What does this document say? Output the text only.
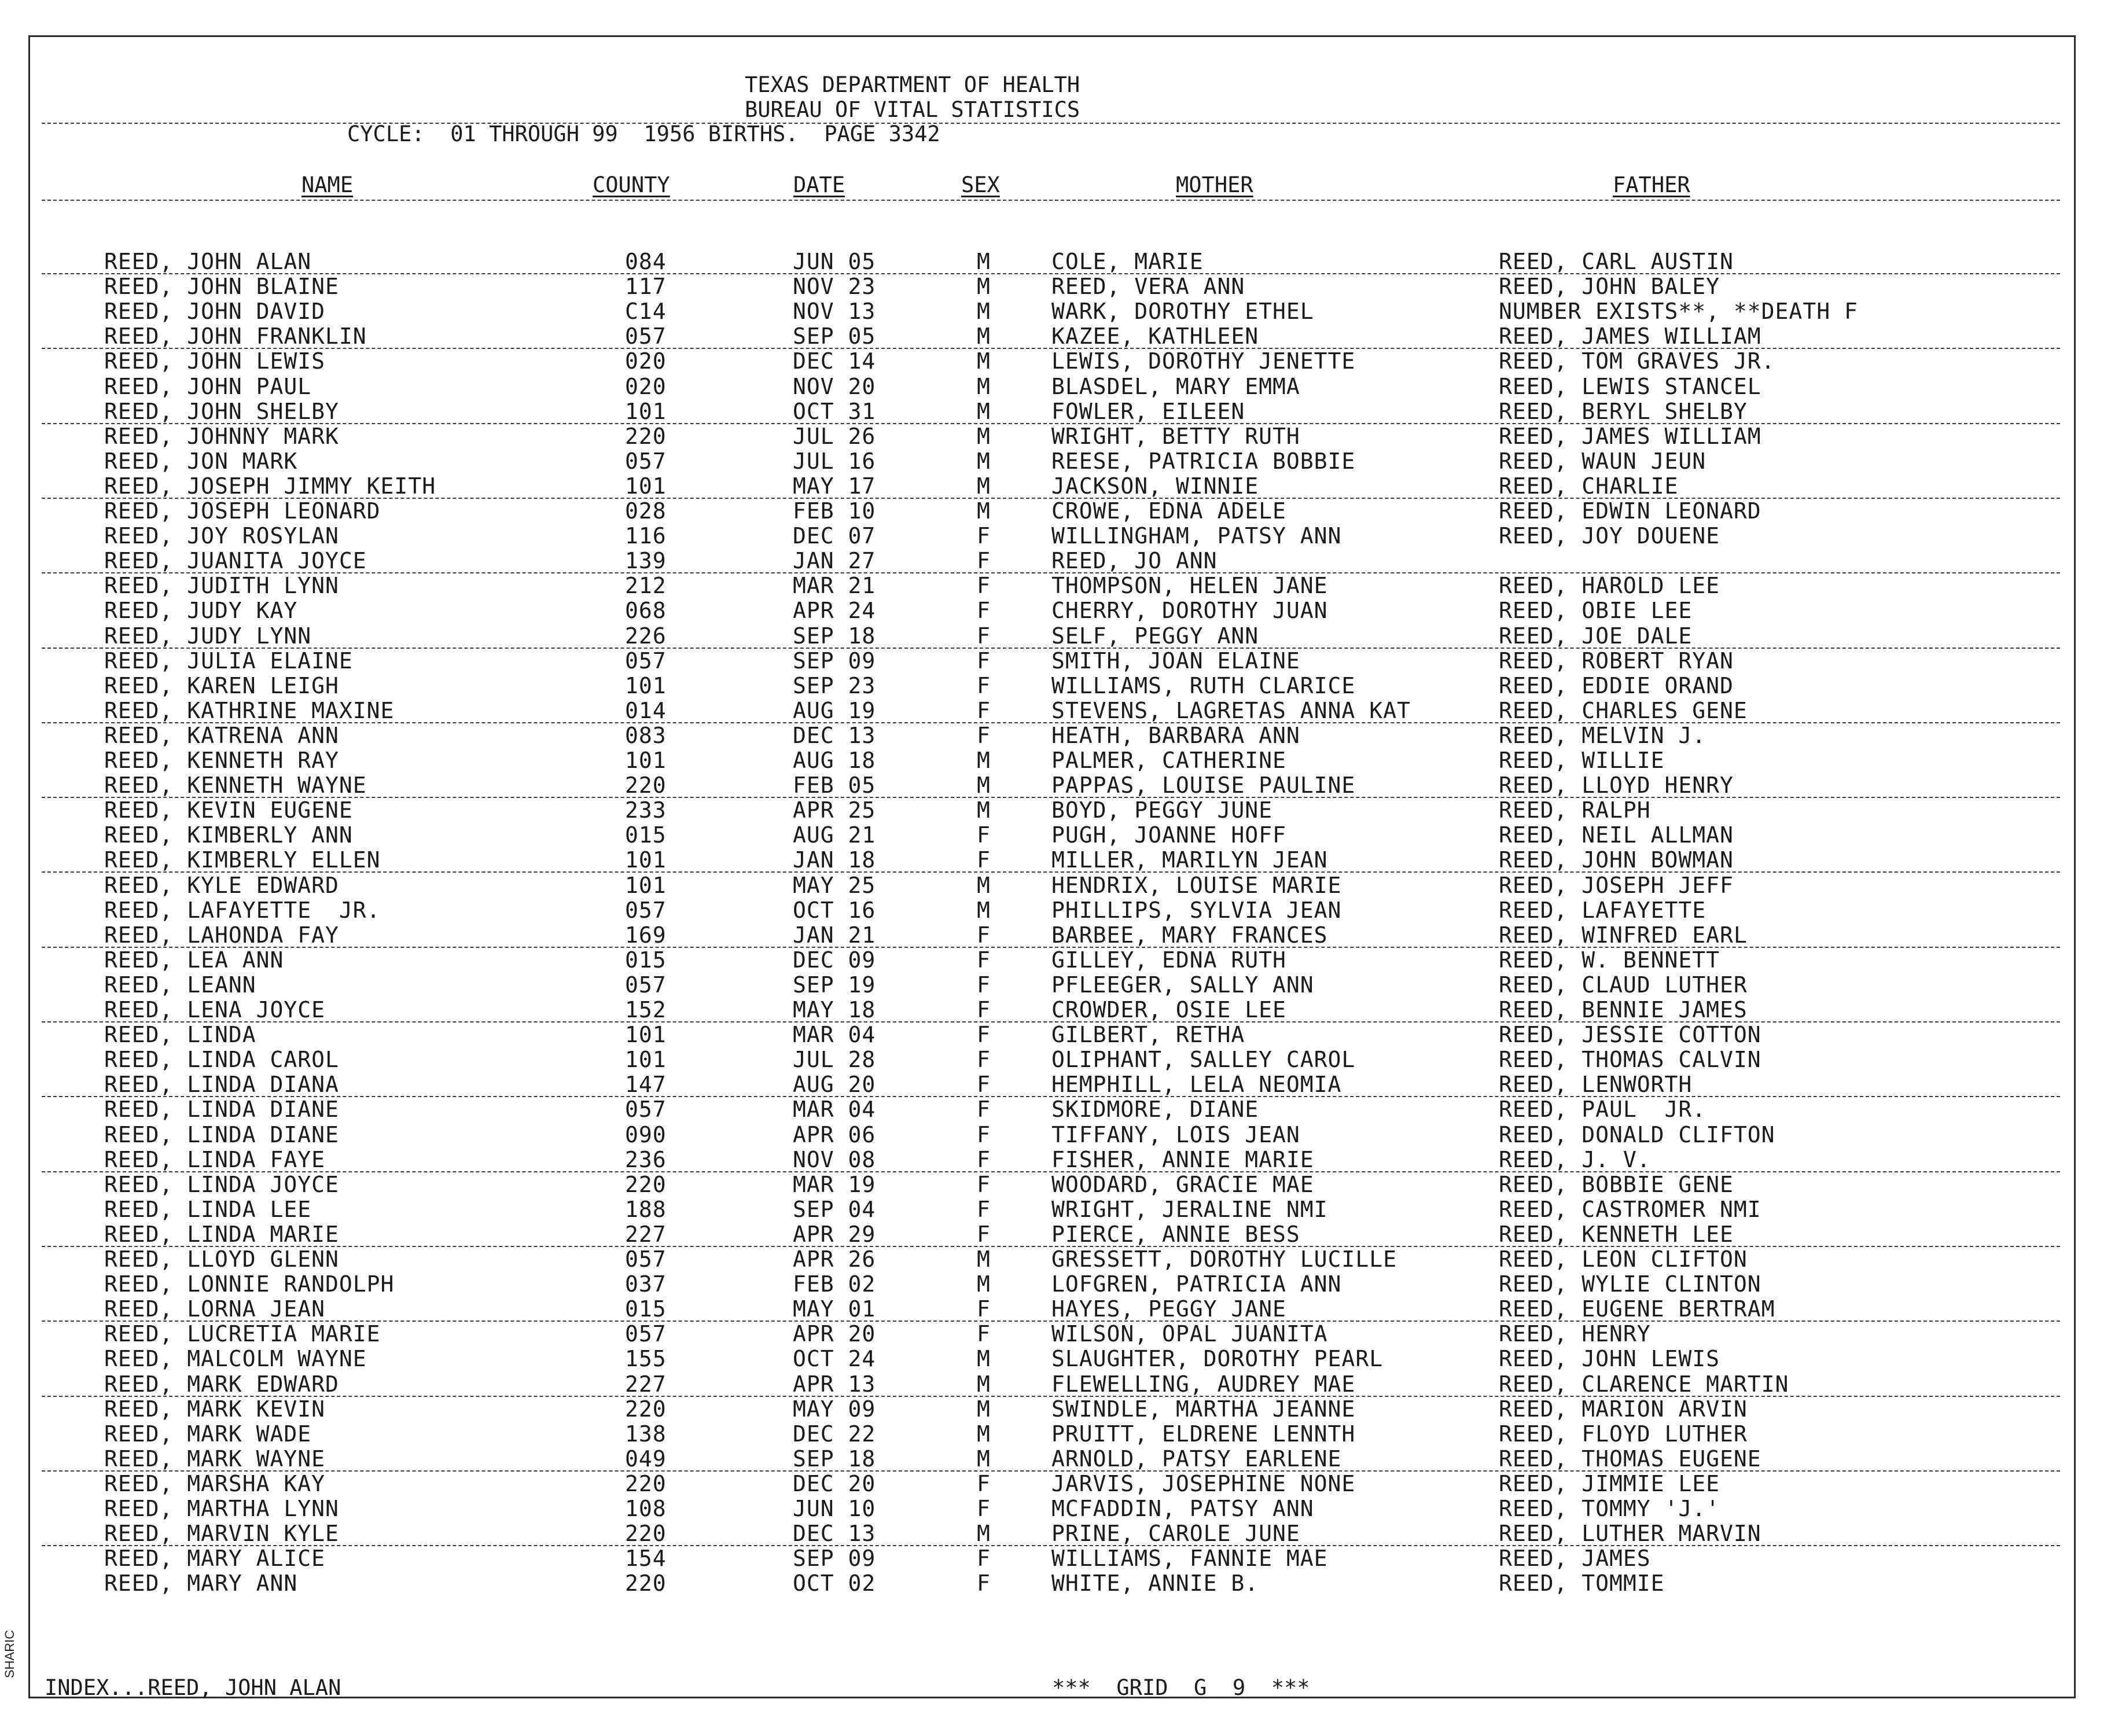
TEXAS DEPARTMENT OF HEALTH
BUREAU OF VITAL STATISTICS
CYCLE:  01 THROUGH 99  1956 BIRTHS.  PAGE 3342
NAME	COUNTY	DATE	SEX	MOTHER	FATHER
REED, JOHN ALAN	084	JUN 05	M	COLE, MARIE	REED, CARL AUSTIN
REED, JOHN BLAINE	117	NOV 23	M	REED, VERA ANN	REED, JOHN BALEY
REED, JOHN DAVID	C14	NOV 13	M	WARK, DOROTHY ETHEL	NUMBER EXISTS**, **DEATH F
REED, JOHN FRANKLIN	057	SEP 05	M	KAZEE, KATHLEEN	REED, JAMES WILLIAM
REED, JOHN LEWIS	020	DEC 14	M	LEWIS, DOROTHY JENETTE	REED, TOM GRAVES JR.
REED, JOHN PAUL	020	NOV 20	M	BLASDEL, MARY EMMA	REED, LEWIS STANCEL
REED, JOHN SHELBY	101	OCT 31	M	FOWLER, EILEEN	REED, BERYL SHELBY
REED, JOHNNY MARK	220	JUL 26	M	WRIGHT, BETTY RUTH	REED, JAMES WILLIAM
REED, JON MARK	057	JUL 16	M	REESE, PATRICIA BOBBIE	REED, WAUN JEUN
REED, JOSEPH JIMMY KEITH	101	MAY 17	M	JACKSON, WINNIE	REED, CHARLIE
REED, JOSEPH LEONARD	028	FEB 10	M	CROWE, EDNA ADELE	REED, EDWIN LEONARD
REED, JOY ROSYLAN	116	DEC 07	F	WILLINGHAM, PATSY ANN	REED, JOY DOUENE
REED, JUANITA JOYCE	139	JAN 27	F	REED, JO ANN
REED, JUDITH LYNN	212	MAR 21	F	THOMPSON, HELEN JANE	REED, HAROLD LEE
REED, JUDY KAY	068	APR 24	F	CHERRY, DOROTHY JUAN	REED, OBIE LEE
REED, JUDY LYNN	226	SEP 18	F	SELF, PEGGY ANN	REED, JOE DALE
REED, JULIA ELAINE	057	SEP 09	F	SMITH, JOAN ELAINE	REED, ROBERT RYAN
REED, KAREN LEIGH	101	SEP 23	F	WILLIAMS, RUTH CLARICE	REED, EDDIE ORAND
REED, KATHRINE MAXINE	014	AUG 19	F	STEVENS, LAGRETAS ANNA KAT	REED, CHARLES GENE
REED, KATRENA ANN	083	DEC 13	F	HEATH, BARBARA ANN	REED, MELVIN J.
REED, KENNETH RAY	101	AUG 18	M	PALMER, CATHERINE	REED, WILLIE
REED, KENNETH WAYNE	220	FEB 05	M	PAPPAS, LOUISE PAULINE	REED, LLOYD HENRY
REED, KEVIN EUGENE	233	APR 25	M	BOYD, PEGGY JUNE	REED, RALPH
REED, KIMBERLY ANN	015	AUG 21	F	PUGH, JOANNE HOFF	REED, NEIL ALLMAN
REED, KIMBERLY ELLEN	101	JAN 18	F	MILLER, MARILYN JEAN	REED, JOHN BOWMAN
REED, KYLE EDWARD	101	MAY 25	M	HENDRIX, LOUISE MARIE	REED, JOSEPH JEFF
REED, LAFAYETTE  JR.	057	OCT 16	M	PHILLIPS, SYLVIA JEAN	REED, LAFAYETTE
REED, LAHONDA FAY	169	JAN 21	F	BARBEE, MARY FRANCES	REED, WINFRED EARL
REED, LEA ANN	015	DEC 09	F	GILLEY, EDNA RUTH	REED, W. BENNETT
REED, LEANN	057	SEP 19	F	PFLEEGER, SALLY ANN	REED, CLAUD LUTHER
REED, LENA JOYCE	152	MAY 18	F	CROWDER, OSIE LEE	REED, BENNIE JAMES
REED, LINDA	101	MAR 04	F	GILBERT, RETHA	REED, JESSIE COTTON
REED, LINDA CAROL	101	JUL 28	F	OLIPHANT, SALLEY CAROL	REED, THOMAS CALVIN
REED, LINDA DIANA	147	AUG 20	F	HEMPHILL, LELA NEOMIA	REED, LENWORTH
REED, LINDA DIANE	057	MAR 04	F	SKIDMORE, DIANE	REED, PAUL  JR.
REED, LINDA DIANE	090	APR 06	F	TIFFANY, LOIS JEAN	REED, DONALD CLIFTON
REED, LINDA FAYE	236	NOV 08	F	FISHER, ANNIE MARIE	REED, J. V.
REED, LINDA JOYCE	220	MAR 19	F	WOODARD, GRACIE MAE	REED, BOBBIE GENE
REED, LINDA LEE	188	SEP 04	F	WRIGHT, JERALINE NMI	REED, CASTROMER NMI
REED, LINDA MARIE	227	APR 29	F	PIERCE, ANNIE BESS	REED, KENNETH LEE
REED, LLOYD GLENN	057	APR 26	M	GRESSETT, DOROTHY LUCILLE	REED, LEON CLIFTON
REED, LONNIE RANDOLPH	037	FEB 02	M	LOFGREN, PATRICIA ANN	REED, WYLIE CLINTON
REED, LORNA JEAN	015	MAY 01	F	HAYES, PEGGY JANE	REED, EUGENE BERTRAM
REED, LUCRETIA MARIE	057	APR 20	F	WILSON, OPAL JUANITA	REED, HENRY
REED, MALCOLM WAYNE	155	OCT 24	M	SLAUGHTER, DOROTHY PEARL	REED, JOHN LEWIS
REED, MARK EDWARD	227	APR 13	M	FLEWELLING, AUDREY MAE	REED, CLARENCE MARTIN
REED, MARK KEVIN	220	MAY 09	M	SWINDLE, MARTHA JEANNE	REED, MARION ARVIN
REED, MARK WADE	138	DEC 22	M	PRUITT, ELDRENE LENNTH	REED, FLOYD LUTHER
REED, MARK WAYNE	049	SEP 18	M	ARNOLD, PATSY EARLENE	REED, THOMAS EUGENE
REED, MARSHA KAY	220	DEC 20	F	JARVIS, JOSEPHINE NONE	REED, JIMMIE LEE
REED, MARTHA LYNN	108	JUN 10	F	MCFADDIN, PATSY ANN	REED, TOMMY 'J.'
REED, MARVIN KYLE	220	DEC 13	M	PRINE, CAROLE JUNE	REED, LUTHER MARVIN
REED, MARY ALICE	154	SEP 09	F	WILLIAMS, FANNIE MAE	REED, JAMES
REED, MARY ANN	220	OCT 02	F	WHITE, ANNIE B.	REED, TOMMIE
INDEX...REED, JOHN ALAN	***  GRID  G  9  ***
SHARIC
